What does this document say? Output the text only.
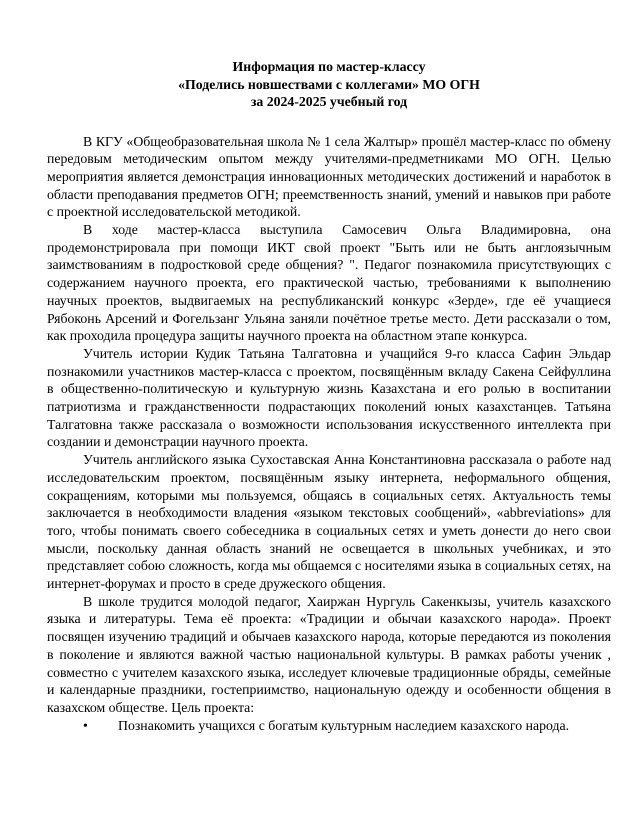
Информация по мастер-классу

«Поделись новшествами с коллегами» МО ОГН

за 2024-2025 учебный год

В КГУ «Общеобразовательная школа № 1 села Жалтыр» прошёл мастер-класс по обмену передовым методическим опытом между учителями-предметниками МО ОГН. Целью мероприятия является демонстрация инновационных методических достижений и наработок в области преподавания предметов ОГН; преемственность знаний, умений и навыков при работе с проектной исследовательской методикой.

В ходе мастер-класса выступила Самосевич Ольга Владимировна, она продемонстрировала при помощи ИКТ свой проект "Быть или не быть англоязычным заимствованиям в подростковой среде общения? ". Педагог познакомила присутствующих с содержанием научного проекта, его практической частью, требованиями к выполнению научных проектов, выдвигаемых на республиканский конкурс «Зерде», где её учащиеся Рябоконь Арсений и Фогельзанг Ульяна заняли почётное третье место. Дети рассказали о том, как проходила процедура защиты научного проекта на областном этапе конкурса.

Учитель истории Кудик Татьяна Талгатовна и учащийся 9-го класса Сафин Эльдар познакомили участников мастер-класса с проектом, посвящённым вкладу Сакена Сейфуллина в общественно-политическую и культурную жизнь Казахстана и его ролью в воспитании патриотизма и гражданственности подрастающих поколений юных казахстанцев. Татьяна Талгатовна также рассказала о возможности использования искусственного интеллекта при создании и демонстрации научного проекта.

Учитель английского языка Сухоставская Анна Константиновна рассказала о работе над исследовательским проектом, посвящённым языку интернета, неформального общения, сокращениям, которыми мы пользуемся, общаясь в социальных сетях. Актуальность темы заключается в необходимости владения «языком текстовых сообщений», «abbreviations» для того, чтобы понимать своего собеседника в социальных сетях и уметь донести до него свои мысли, поскольку данная область знаний не освещается в школьных учебниках, и это представляет собою сложность, когда мы общаемся с носителями языка в социальных сетях, на интернет-форумах и просто в среде дружеского общения.

В школе трудится молодой педагог, Хаиржан Нургуль Сакенкызы, учитель казахского языка и литературы. Тема её проекта: «Традиции и обычаи казахского народа». Проект посвящен изучению традиций и обычаев казахского народа, которые передаются из поколения в поколение и являются важной частью национальной культуры. В рамках работы ученик , совместно с учителем казахского языка, исследует ключевые традиционные обряды, семейные и календарные праздники, гостеприимство, национальную одежду и особенности общения в казахском обществе. Цель проекта:

•	Познакомить учащихся с богатым культурным наследием казахского народа.
